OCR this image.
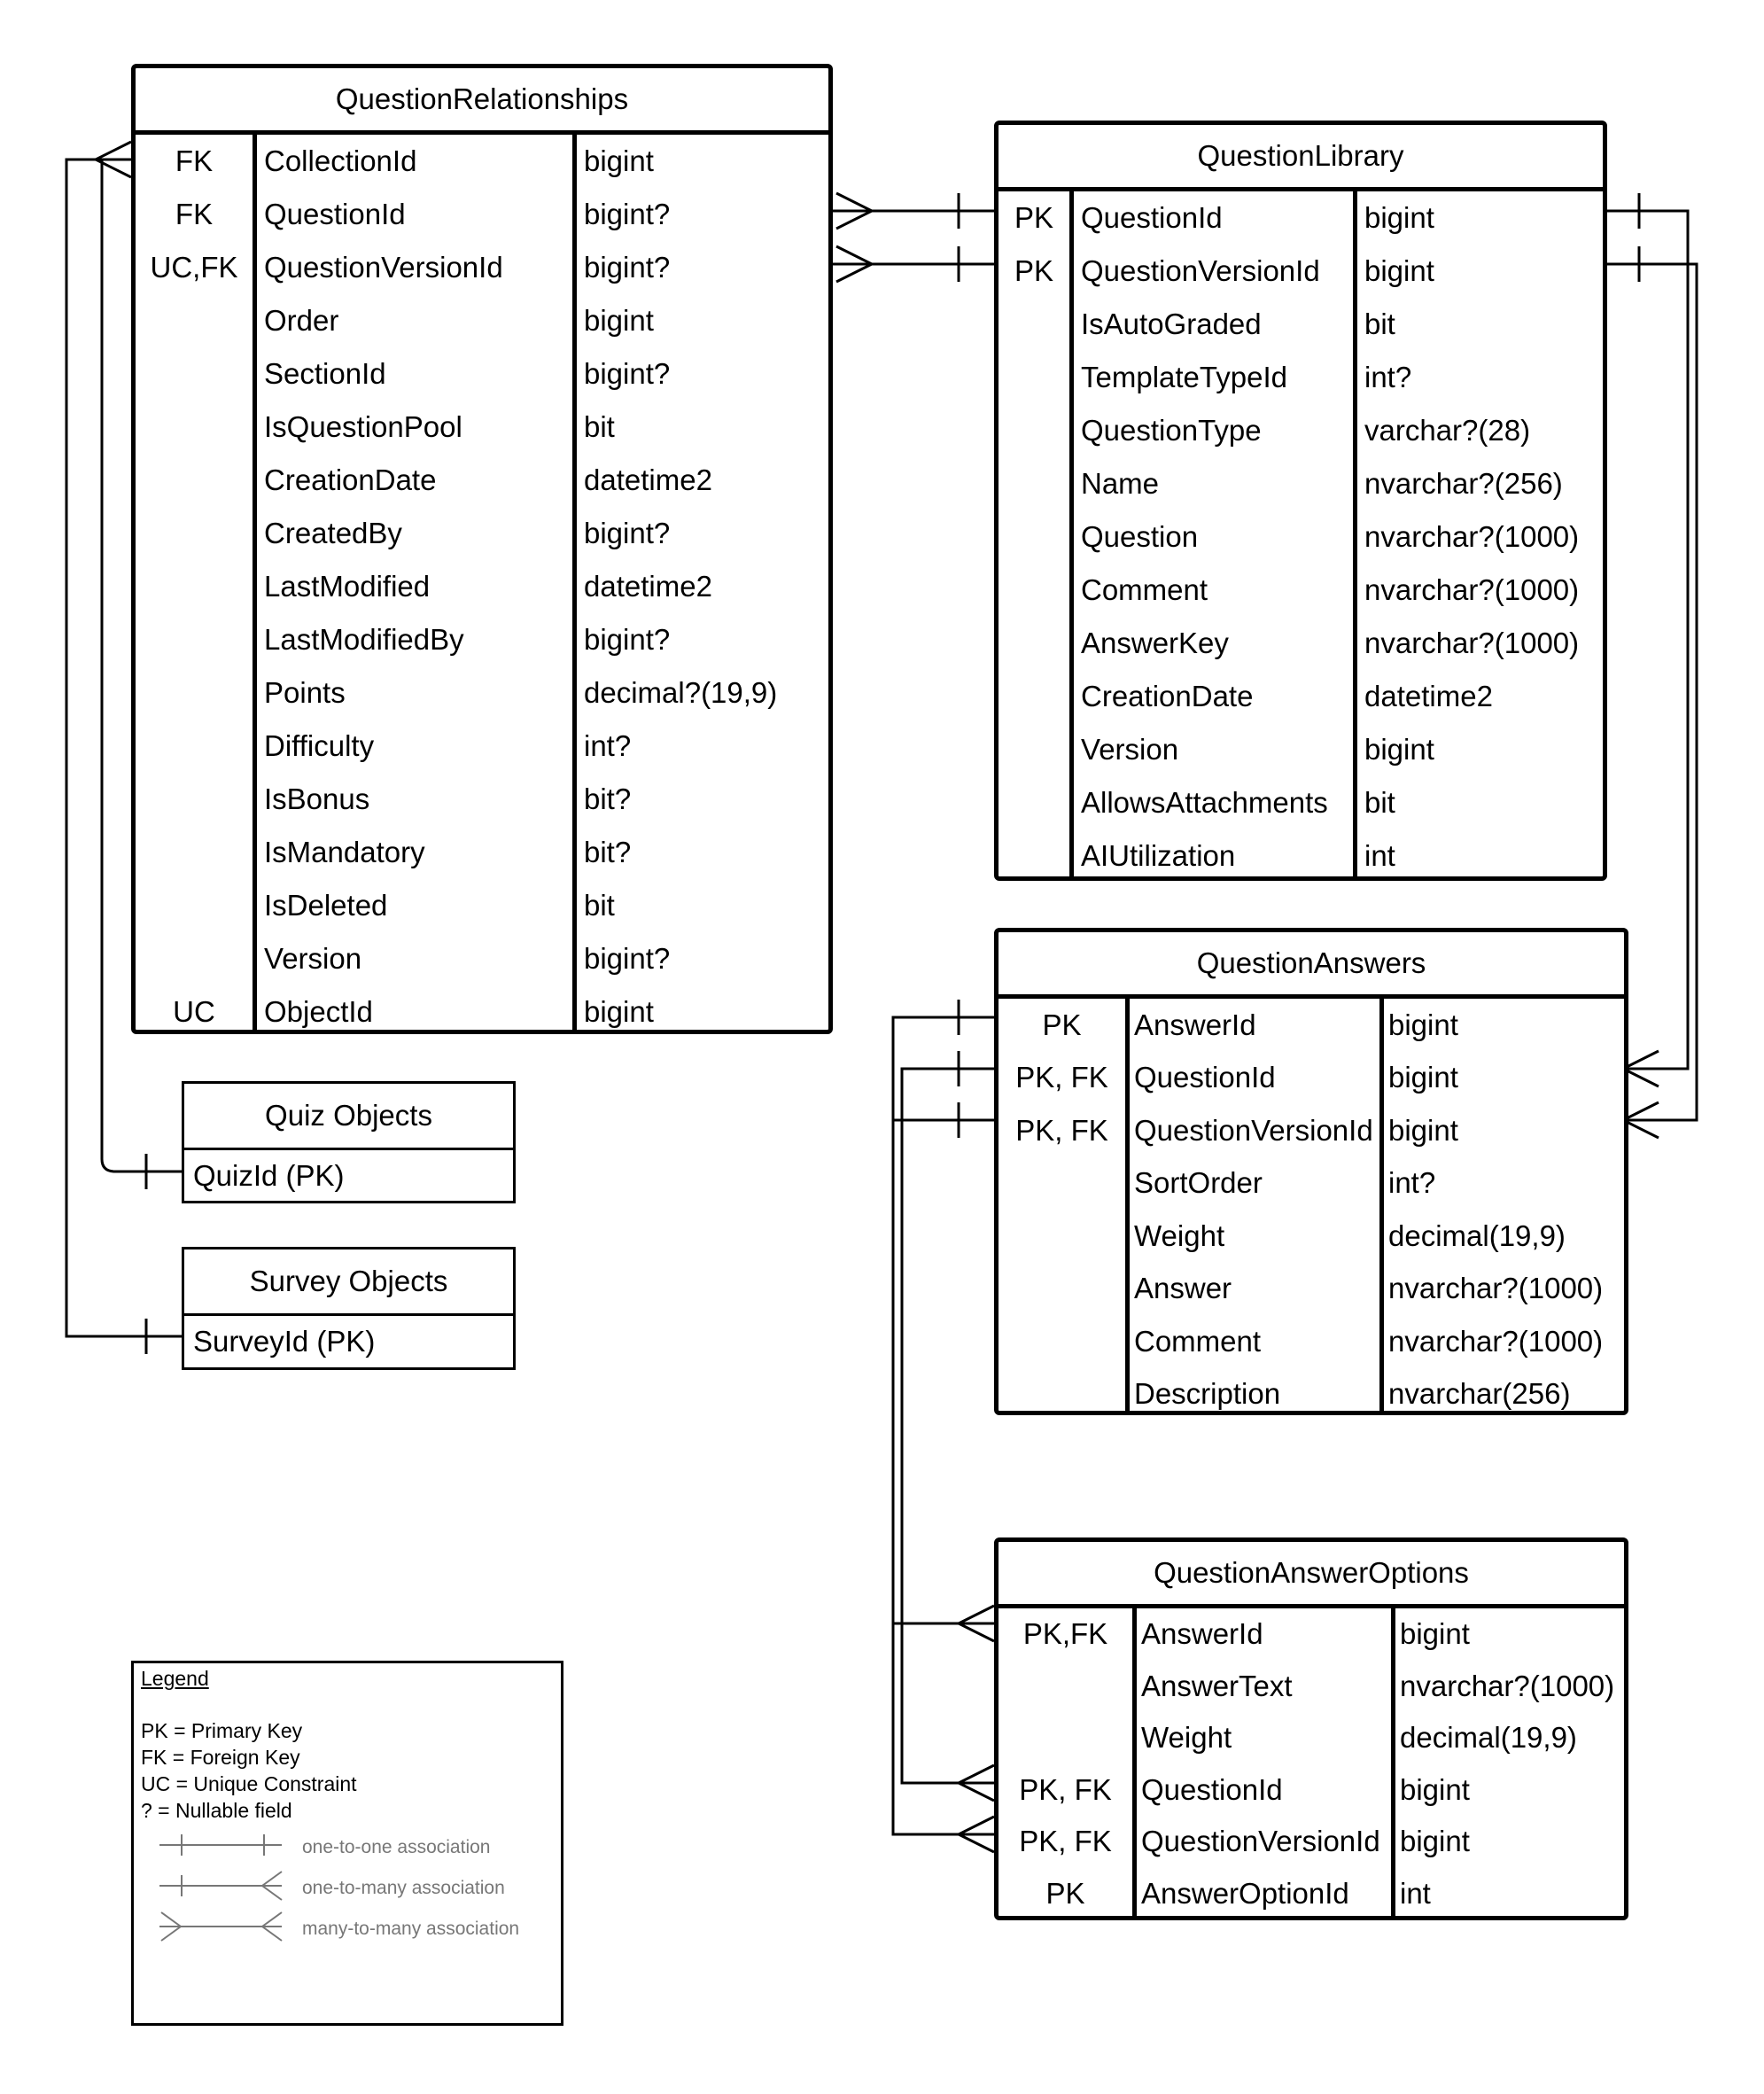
QuestionRelationships
FK	CollectionId	bigint
FK	QuestionId	bigint?
UC,FK QuestionVersionId	bigint?
Order	bigint
SectionId	bigint?
IsQuestionPool	bit
CreationDate	datetime2
CreatedBy	bigint?
LastModified	datetime2
LastModifiedBy	bigint?
Points	decimal?(19,9)
Difficulty	int?
IsBonus	bit?
IsMandatory	bit?
IsDeleted	bit
Version	bigint?
UC	ObjectId	bigint
QuestionLibrary
PK QuestionId	bigint
PK QuestionVersionId bigint
IsAutoGraded	bit
TemplateTypeId	int?
QuestionType	varchar?(28)
Name	nvarchar?(256)
Question	nvarchar?(1000)
Comment	nvarchar?(1000)
AnswerKey	nvarchar?(1000)
CreationDate	datetime2
Version	bigint
AllowsAttachments bit
AIUtilization	int
QuestionAnswers
PK	AnswerId	bigint
PK, FK QuestionId	bigint
PK, FK QuestionVersionId bigint
SortOrder	int?
Weight	decimal(19,9)
Answer	nvarchar?(1000)
Comment	nvarchar?(1000)
Description	nvarchar(256)
QuestionAnswerOptions
PK,FK	AnswerId	bigint
AnswerText	nvarchar?(1000)
Weight	decimal(19,9)
PK, FK	QuestionId	bigint
PK, FK	QuestionVersionId bigint
PK	AnswerOptionId int
Quiz Objects
QuizId (PK)
Survey Objects
SurveyId (PK)
Legend
PK = Primary Key
FK = Foreign Key
UC = Unique Constraint
? = Nullable field
one-to-one association
one-to-many association
many-to-many association
